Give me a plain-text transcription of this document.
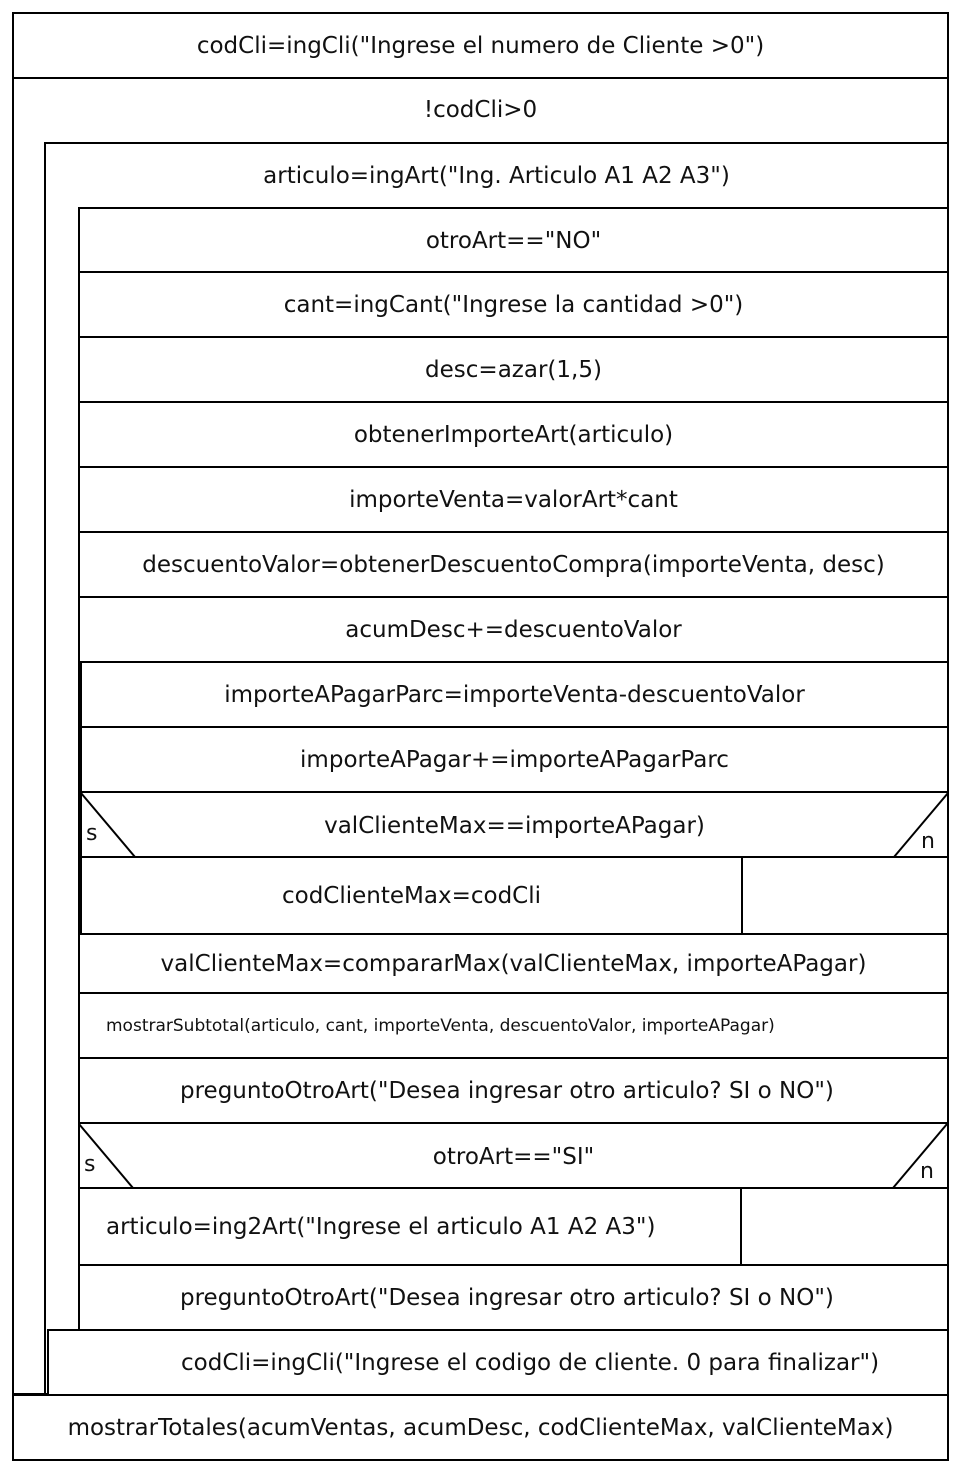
!codCli>0
articulo=ingArt("Ing. Articulo A1 A2 A3")
otroArt=="NO"
codCli=ingCli("Ingrese el numero de Cliente >0")
cant=ingCant("Ingrese la cantidad >0")
desc=azar(1,5)
obtenerImporteArt(articulo)
importeVenta=valorArt*cant
descuentoValor=obtenerDescuentoCompra(importeVenta, desc)
acumDesc+=descuentoValor
importeAPagarParc=importeVenta-descuentoValor
importeAPagar+=importeAPagarParc
valClienteMax==importeAPagar)
s	n
codClienteMax=codCli
valClienteMax=compararMax(valClienteMax, importeAPagar)
mostrarSubtotal(articulo, cant, importeVenta, descuentoValor, importeAPagar)
preguntoOtroArt("Desea ingresar otro articulo? SI o NO")
otroArt=="SI"
s	n
articulo=ing2Art("Ingrese el articulo A1 A2 A3")
preguntoOtroArt("Desea ingresar otro articulo? SI o NO")
codCli=ingCli("Ingrese el codigo de cliente. 0 para finalizar")
mostrarTotales(acumVentas, acumDesc, codClienteMax, valClienteMax)
